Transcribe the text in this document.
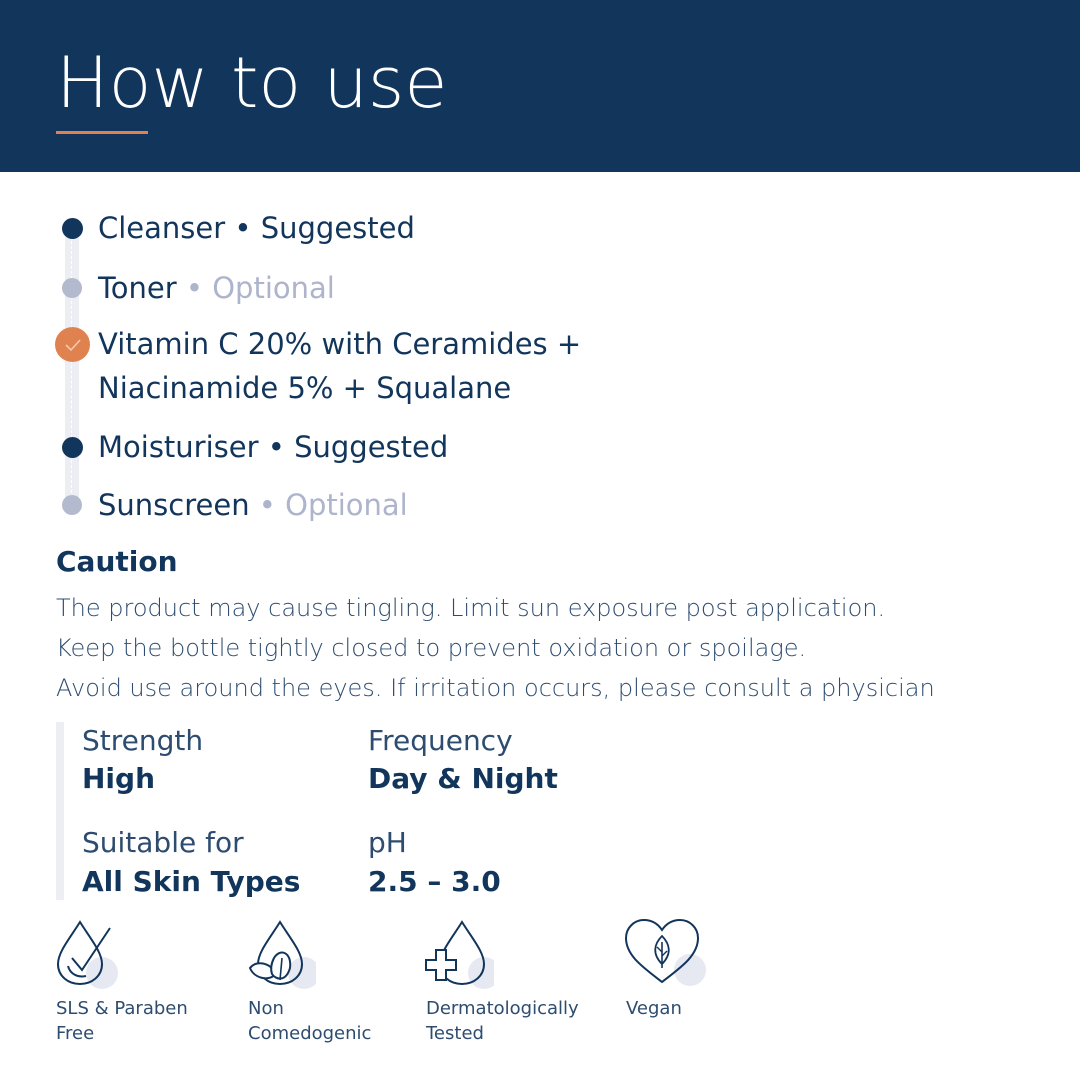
How to use
Cleanser • Suggested
Toner • Optional
Vitamin C 20% with Ceramides +
Niacinamide 5% + Squalane
Moisturiser • Suggested
Sunscreen • Optional
Caution
The product may cause tingling. Limit sun exposure post application.
Keep the bottle tightly closed to prevent oxidation or spoilage.
Avoid use around the eyes. If irritation occurs, please consult a physician
Strength
High
Frequency
Day & Night
Suitable for
All Skin Types
pH
2.5 – 3.0
SLS & Paraben
Free
Non
Comedogenic
Dermatologically
Tested
Vegan
